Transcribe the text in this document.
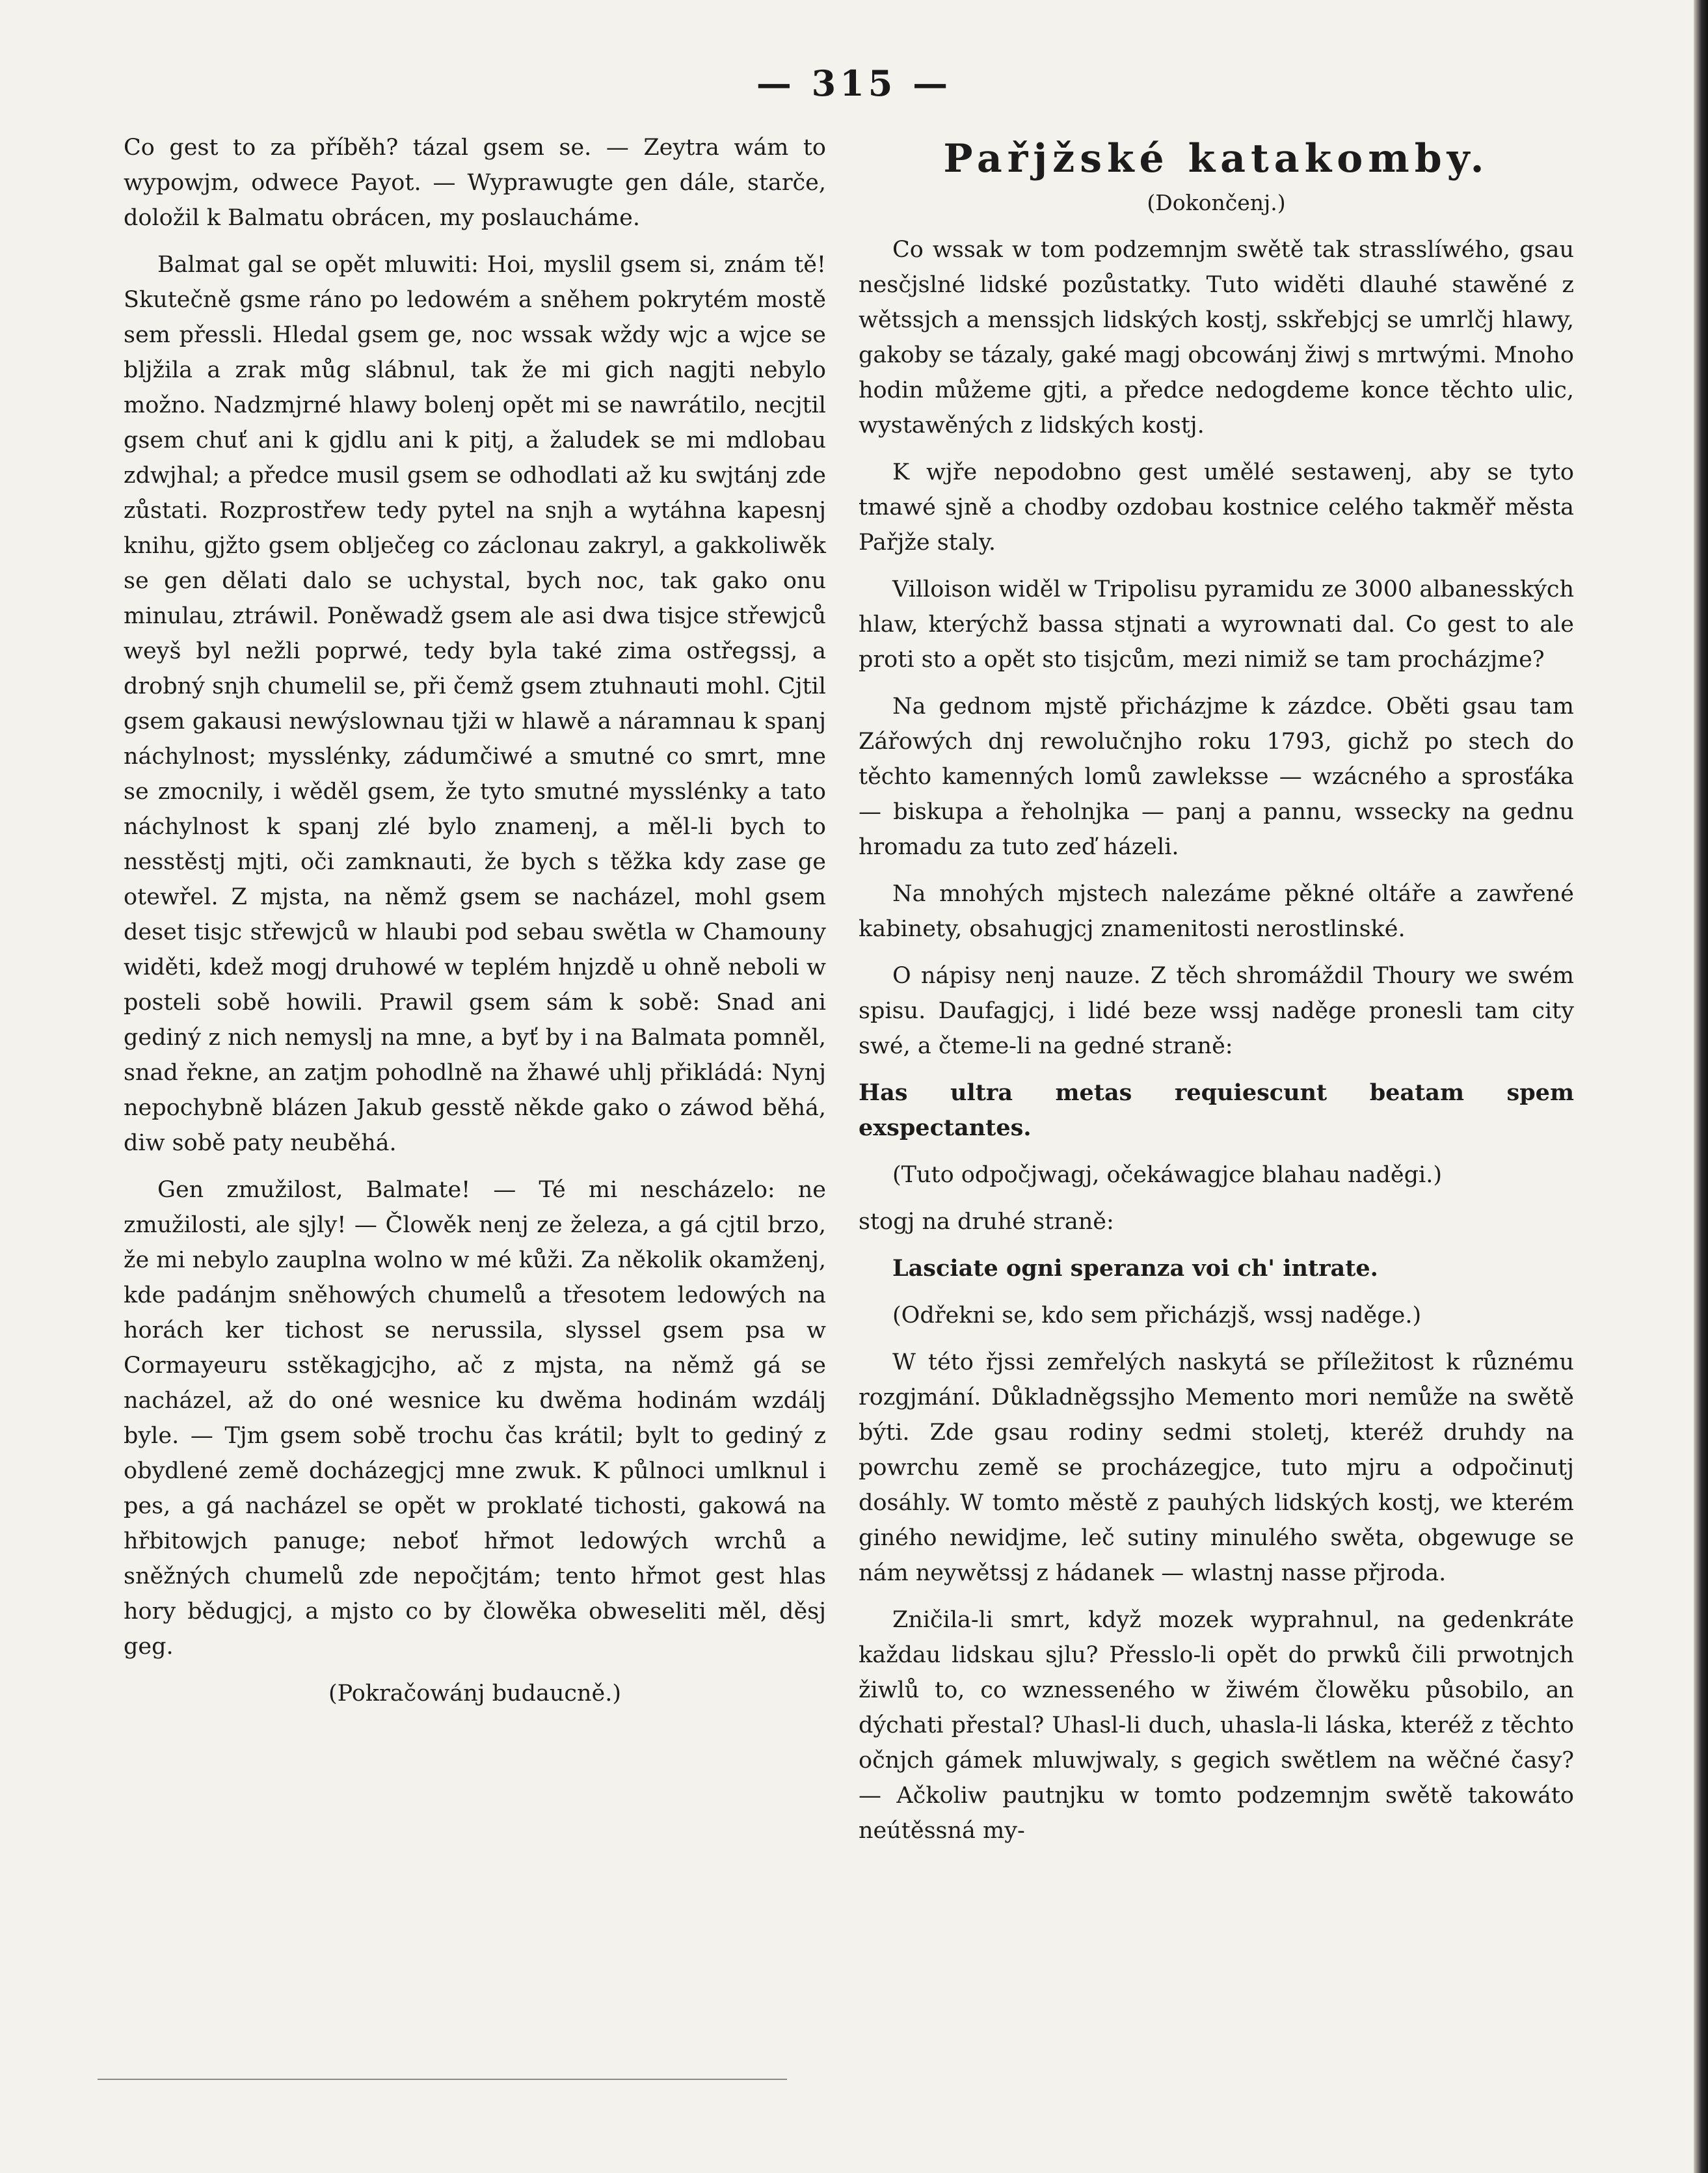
— 315 —

Co gest to za příběh? tázal gsem se. — Zeytra wám to wypowjm, odwece Payot. — Wyprawugte gen dále, starče, doložil k Balmatu obrácen, my poslaucháme.

Balmat gal se opět mluwiti: Hoi, myslil gsem si, znám tě! Skutečně gsme ráno po ledowém a sněhem pokrytém mostě sem přessli. Hledal gsem ge, noc wssak wždy wjc a wjce se bljžila a zrak můg slábnul, tak že mi gich nagjti nebylo možno. Nadzmjrné hlawy bolenj opět mi se nawrátilo, necjtil gsem chuť ani k gjdlu ani k pitj, a žaludek se mi mdlobau zdwjhal; a předce musil gsem se odhodlati až ku swjtánj zde zůstati. Rozprostřew tedy pytel na snjh a wytáhna kapesnj knihu, gjžto gsem oblječeg co záclonau zakryl, a gakkoliwěk se gen dělati dalo se uchystal, bych noc, tak gako onu minulau, ztráwil. Poněwadž gsem ale asi dwa tisjce střewjců weyš byl nežli poprwé, tedy byla také zima ostřegssj, a drobný snjh chumelil se, při čemž gsem ztuhnauti mohl. Cjtil gsem gakausi newýslownau tjži w hlawě a náramnau k spanj náchylnost; mysslénky, zádumčiwé a smutné co smrt, mne se zmocnily, i wěděl gsem, že tyto smutné mysslénky a tato náchylnost k spanj zlé bylo znamenj, a měl-li bych to nesstěstj mjti, oči zamknauti, že bych s těžka kdy zase ge otewřel. Z mjsta, na němž gsem se nacházel, mohl gsem deset tisjc střewjců w hlaubi pod sebau swětla w Chamouny widěti, kdež mogj druhowé w teplém hnjzdě u ohně neboli w posteli sobě howili. Prawil gsem sám k sobě: Snad ani gediný z nich nemyslj na mne, a byť by i na Balmata pomněl, snad řekne, an zatjm pohodlně na žhawé uhlj přikládá: Nynj nepochybně blázen Jakub gesstě někde gako o záwod běhá, diw sobě paty neuběhá.

Gen zmužilost, Balmate! — Té mi nescházelo: ne zmužilosti, ale sjly! — Člowěk nenj ze železa, a gá cjtil brzo, že mi nebylo zauplna wolno w mé kůži. Za několik okamženj, kde padánjm sněhowých chumelů a třesotem ledowých na horách ker tichost se nerussila, slyssel gsem psa w Cormayeuru sstěkagjcjho, ač z mjsta, na němž gá se nacházel, až do oné wesnice ku dwěma hodinám wzdálj byle. — Tjm gsem sobě trochu čas krátil; bylt to gediný z obydlené země docházegjcj mne zwuk. K půlnoci umlknul i pes, a gá nacházel se opět w proklaté tichosti, gakowá na hřbitowjch panuge; neboť hřmot ledowých wrchů a sněžných chumelů zde nepočjtám; tento hřmot gest hlas hory bědugjcj, a mjsto co by člowěka obweseliti měl, děsj geg.

(Pokračowánj budaucně.)

Pařjžské katakomby.
(Dokončenj.)

Co wssak w tom podzemnjm swětě tak strasslíwého, gsau nesčjslné lidské pozůstatky. Tuto widěti dlauhé stawěné z wětssjch a menssjch lidských kostj, sskřebjcj se umrlčj hlawy, gakoby se tázaly, gaké magj obcowánj žiwj s mrtwými. Mnoho hodin můžeme gjti, a předce nedogdeme konce těchto ulic, wystawěných z lidských kostj.

K wjře nepodobno gest umělé sestawenj, aby se tyto tmawé sjně a chodby ozdobau kostnice celého takměř města Pařjže staly.

Villoison widěl w Tripolisu pyramidu ze 3000 albanesských hlaw, kterýchž bassa stjnati a wyrownati dal. Co gest to ale proti sto a opět sto tisjcům, mezi nimiž se tam procházjme?

Na gednom mjstě přicházjme k zázdce. Oběti gsau tam Zářowých dnj rewolučnjho roku 1793, gichž po stech do těchto kamenných lomů zawleksse — wzácného a sprosťáka — biskupa a řeholnjka — panj a pannu, wssecky na gednu hromadu za tuto zeď házeli.

Na mnohých mjstech nalezáme pěkné oltáře a zawřené kabinety, obsahugjcj znamenitosti nerostlinské.

O nápisy nenj nauze. Z těch shromáždil Thoury we swém spisu. Daufagjcj, i lidé beze wssj naděge pronesli tam city swé, a čteme-li na gedné straně:

Has ultra metas requiescunt beatam spem exspectantes.

(Tuto odpočjwagj, očekáwagjce blahau naděgi.)

stogj na druhé straně:

Lasciate ogni speranza voi ch' intrate.

(Odřekni se, kdo sem přicházjš, wssj naděge.)

W této řjssi zemřelých naskytá se příležitost k různému rozgjmání. Důkladněgssjho Memento mori nemůže na swětě býti. Zde gsau rodiny sedmi stoletj, kteréž druhdy na powrchu země se procházegjce, tuto mjru a odpočinutj dosáhly. W tomto městě z pauhých lidských kostj, we kterém giného newidjme, leč sutiny minulého swěta, obgewuge se nám neywětssj z hádanek — wlastnj nasse přjroda.

Zničila-li smrt, když mozek wyprahnul, na gedenkráte každau lidskau sjlu? Přesslo-li opět do prwků čili prwotnjch žiwlů to, co wznesseného w žiwém člowěku působilo, an dýchati přestal? Uhasl-li duch, uhasla-li láska, kteréž z těchto očnjch gámek mluwjwaly, s gegich swětlem na wěčné časy? — Ačkoliw pautnjku w tomto podzemnjm swětě takowáto neútěssná my-
